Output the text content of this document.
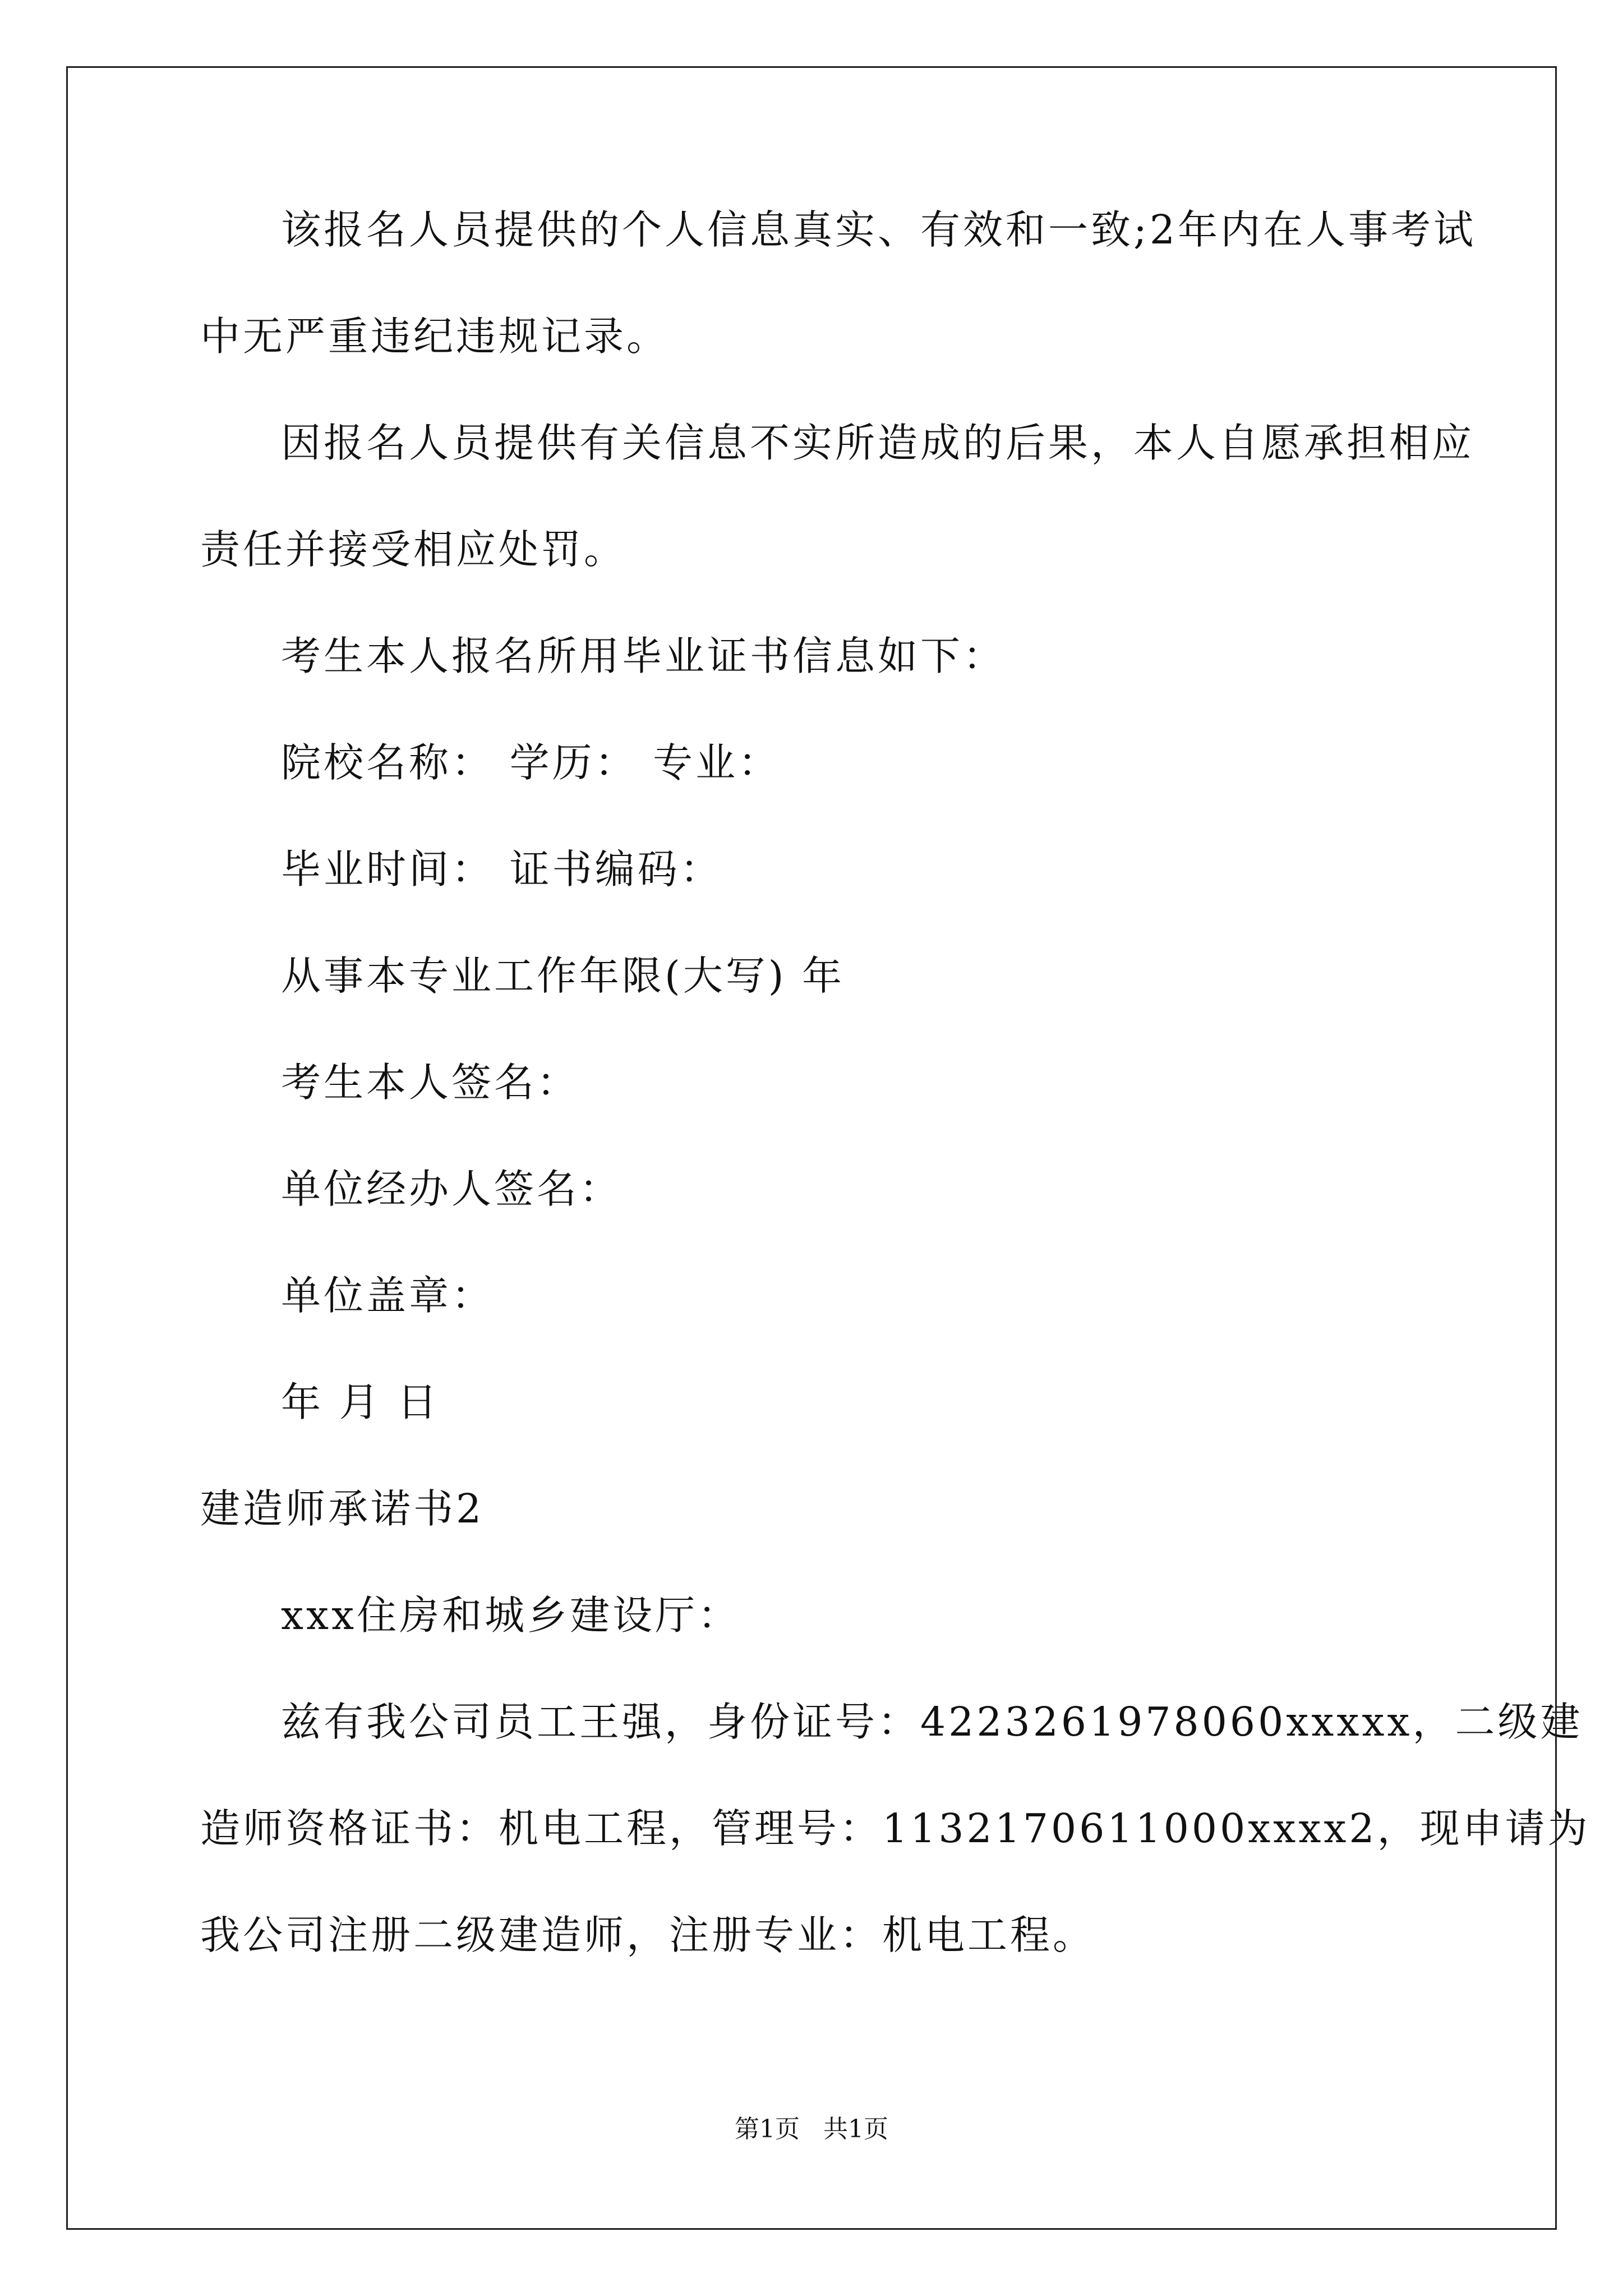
该报名人员提供的个人信息真实、有效和一致;2年内在人事考试
中无严重违纪违规记录。
因报名人员提供有关信息不实所造成的后果，本人自愿承担相应
责任并接受相应处罚。
考生本人报名所用毕业证书信息如下：
院校名称： 学历： 专业：
毕业时间： 证书编码：
从事本专业工作年限(大写) 年
考生本人签名：
单位经办人签名：
单位盖章：
年 月 日
建造师承诺书2
xxx住房和城乡建设厅：
兹有我公司员工王强，身份证号：4223261978060xxxxx，二级建
造师资格证书：机电工程，管理号：1132170611000xxxx2，现申请为
我公司注册二级建造师，注册专业：机电工程。
第1页   共1页
